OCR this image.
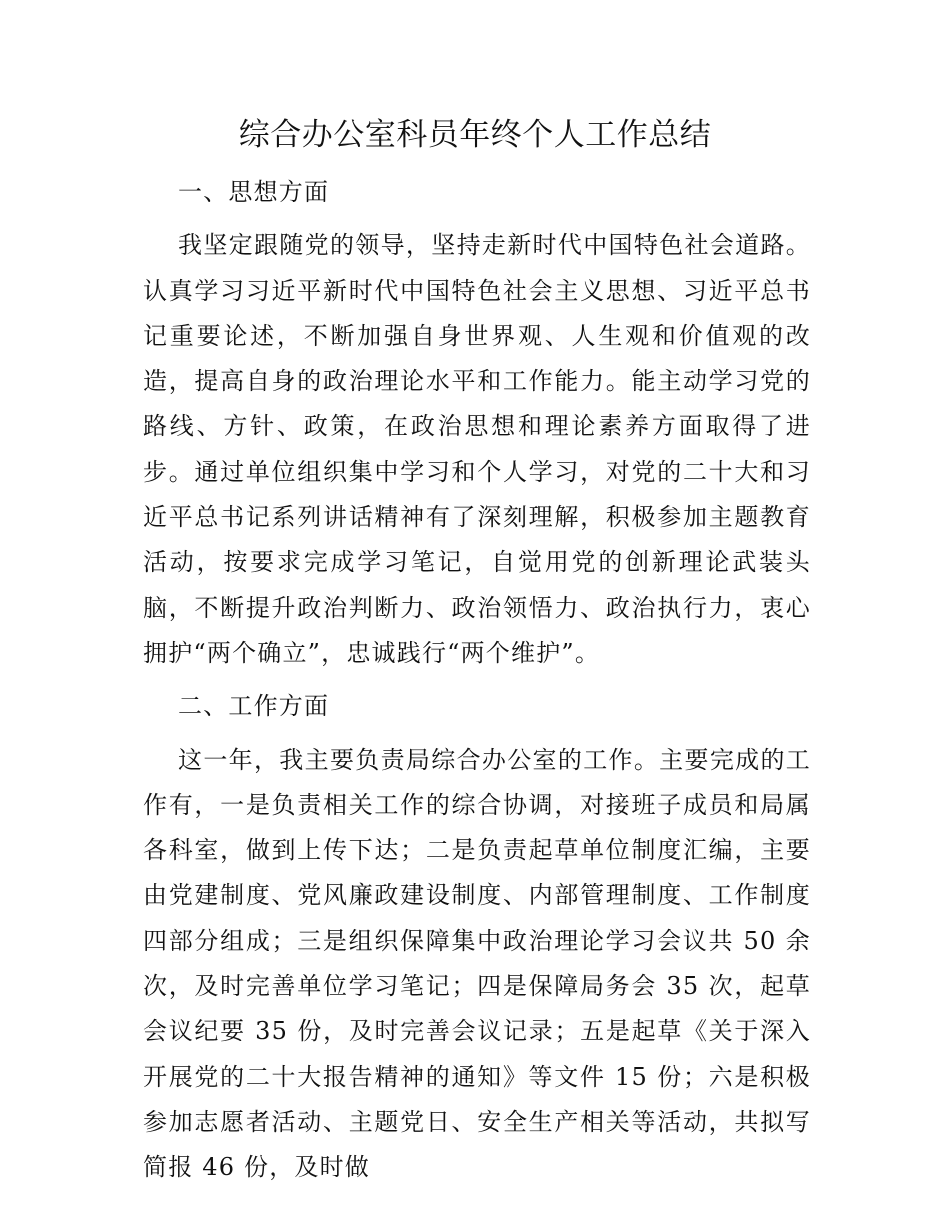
综合办公室科员年终个人工作总结

一、思想方面

我坚定跟随党的领导，坚持走新时代中国特色社会道路。认真学习习近平新时代中国特色社会主义思想、习近平总书记重要论述，不断加强自身世界观、人生观和价值观的改造，提高自身的政治理论水平和工作能力。能主动学习党的路线、方针、政策，在政治思想和理论素养方面取得了进步。通过单位组织集中学习和个人学习，对党的二十大和习近平总书记系列讲话精神有了深刻理解，积极参加主题教育活动，按要求完成学习笔记，自觉用党的创新理论武装头脑，不断提升政治判断力、政治领悟力、政治执行力，衷心拥护“两个确立”，忠诚践行“两个维护”。

二、工作方面

这一年，我主要负责局综合办公室的工作。主要完成的工作有，一是负责相关工作的综合协调，对接班子成员和局属各科室，做到上传下达；二是负责起草单位制度汇编，主要由党建制度、党风廉政建设制度、内部管理制度、工作制度四部分组成；三是组织保障集中政治理论学习会议共 50 余次，及时完善单位学习笔记；四是保障局务会 35 次，起草会议纪要 35 份，及时完善会议记录；五是起草《关于深入开展党的二十大报告精神的通知》等文件 15 份；六是积极参加志愿者活动、主题党日、安全生产相关等活动，共拟写简报 46 份，及时做
